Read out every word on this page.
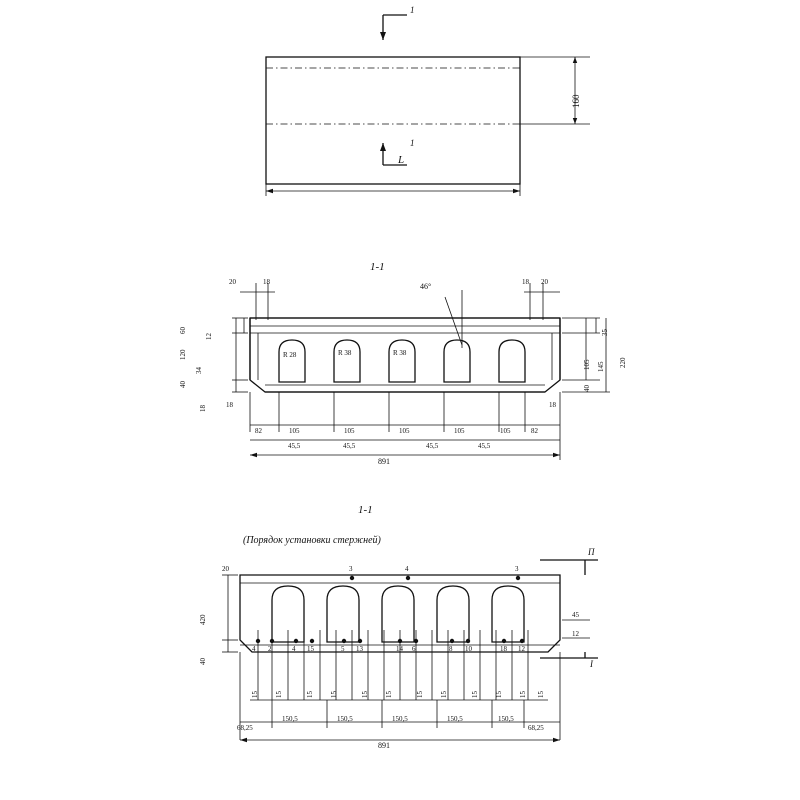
160
1
1
L
1-1
46°
20	18	18 20
60
120
40
18
12
34
35
105 145
40
220
R 28	R 38	R 38
18	18
82	105	105	105	105	105	82
45,5	45,5	45,5	45,5
891
1-1
(Порядок установки стержней)
20
420
40
45
12
П
I
3	4	3
4 2	4 15	5 13	14 6	8 10	18 12
15 15	15 15	15 15	15 15	15 15 15 15
68,25
150,5	150,5	150,5	150,5	150,5
68,25
891
